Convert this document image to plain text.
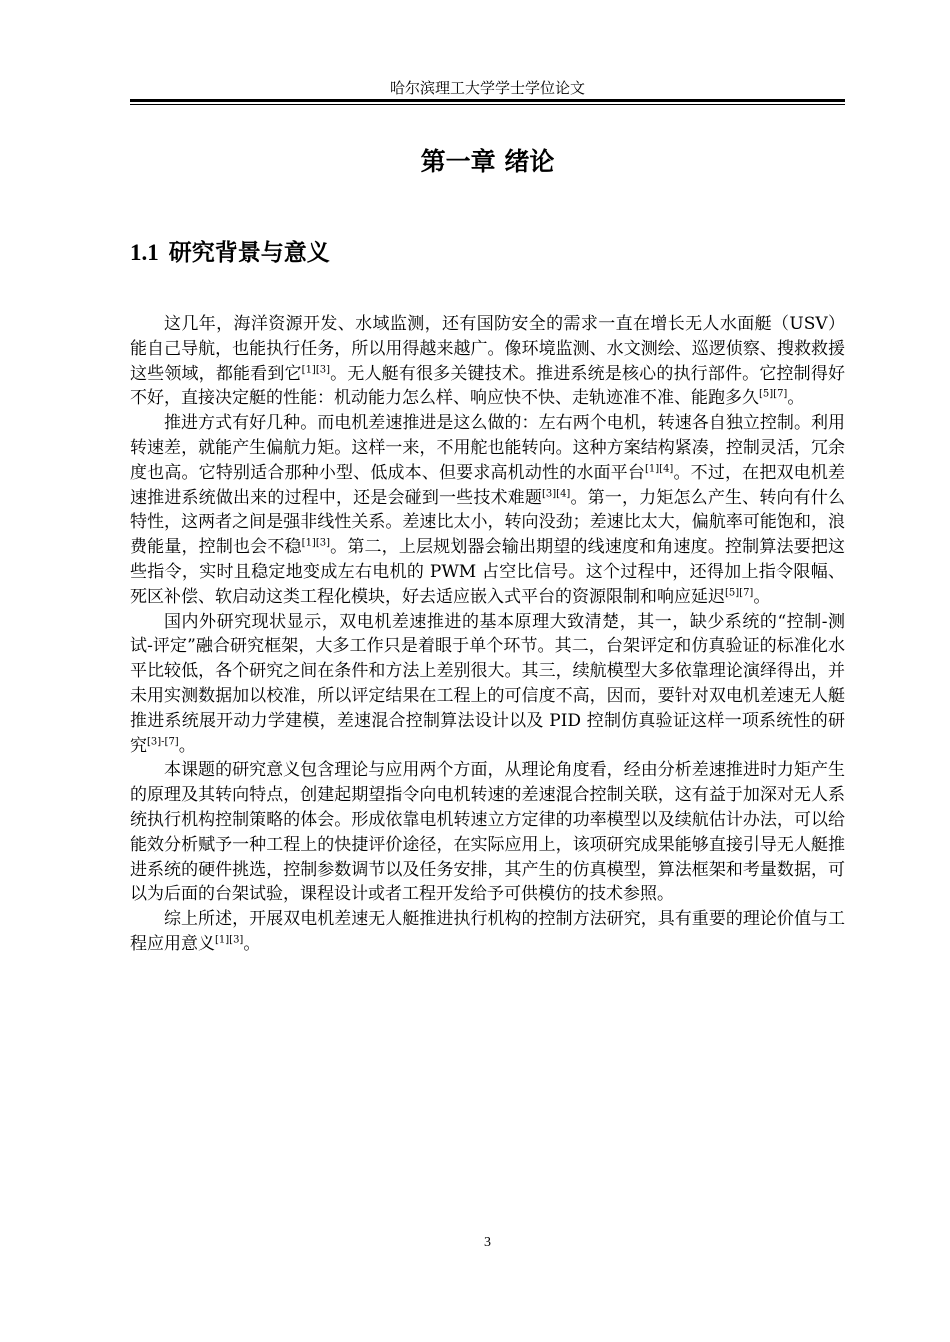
哈尔滨理工大学学士学位论文
第一章 绪论
1.1 研究背景与意义

这几年，海洋资源开发、水域监测，还有国防安全的需求一直在增长无人水面艇（USV）能自己导航，也能执行任务，所以用得越来越广。像环境监测、水文测绘、巡逻侦察、搜救救援这些领域，都能看到它[1][3]。无人艇有很多关键技术。推进系统是核心的执行部件。它控制得好不好，直接决定艇的性能：机动能力怎么样、响应快不快、走轨迹准不准、能跑多久[5][7]。

推进方式有好几种。而电机差速推进是这么做的：左右两个电机，转速各自独立控制。利用转速差，就能产生偏航力矩。这样一来，不用舵也能转向。这种方案结构紧凑，控制灵活，冗余度也高。它特别适合那种小型、低成本、但要求高机动性的水面平台[1][4]。不过，在把双电机差速推进系统做出来的过程中，还是会碰到一些技术难题[3][4]。第一，力矩怎么产生、转向有什么特性，这两者之间是强非线性关系。差速比太小，转向没劲；差速比太大，偏航率可能饱和，浪费能量，控制也会不稳[1][3]。第二，上层规划器会输出期望的线速度和角速度。控制算法要把这些指令，实时且稳定地变成左右电机的 PWM 占空比信号。这个过程中，还得加上指令限幅、死区补偿、软启动这类工程化模块，好去适应嵌入式平台的资源限制和响应延迟[5][7]。

国内外研究现状显示，双电机差速推进的基本原理大致清楚，其一，缺少系统的“控制-测试-评定”融合研究框架，大多工作只是着眼于单个环节。其二，台架评定和仿真验证的标准化水平比较低，各个研究之间在条件和方法上差别很大。其三，续航模型大多依靠理论演绎得出，并未用实测数据加以校准，所以评定结果在工程上的可信度不高，因而，要针对双电机差速无人艇推进系统展开动力学建模，差速混合控制算法设计以及 PID 控制仿真验证这样一项系统性的研究[3]-[7]。

本课题的研究意义包含理论与应用两个方面，从理论角度看，经由分析差速推进时力矩产生的原理及其转向特点，创建起期望指令向电机转速的差速混合控制关联，这有益于加深对无人系统执行机构控制策略的体会。形成依靠电机转速立方定律的功率模型以及续航估计办法，可以给能效分析赋予一种工程上的快捷评价途径，在实际应用上，该项研究成果能够直接引导无人艇推进系统的硬件挑选，控制参数调节以及任务安排，其产生的仿真模型，算法框架和考量数据，可以为后面的台架试验，课程设计或者工程开发给予可供模仿的技术参照。

综上所述，开展双电机差速无人艇推进执行机构的控制方法研究，具有重要的理论价值与工程应用意义[1][3]。

3
